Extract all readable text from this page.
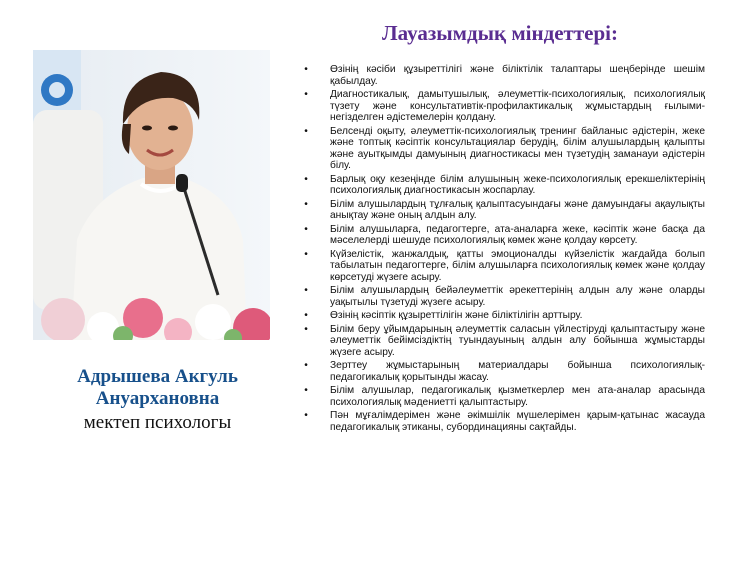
Адрышева Акгуль
Ануархановна
мектеп психологы
Лауазымдық міндеттері:
•	Өзінің кәсіби құзыреттілігі және біліктілік талаптары шеңберінде шешім қабылдау.
•	Диагностикалық, дамытушылық, әлеуметтік-психологиялық, психологиялық түзету және консультативтік-профилактикалық жұмыстардың ғылыми-негізделген әдістемелерін қолдану.
•	Белсенді оқыту, әлеуметтік-психологиялық тренинг байланыс әдістерін, жеке және топтық кәсіптік консультациялар берудің, білім алушылардың қалыпты және ауытқымды дамуының диагностикасы мен түзетудің заманауи әдістерін білу.
•	Барлық оқу кезеңінде білім алушының жеке-психологиялық ерекшеліктерінің психологиялық диагностикасын жоспарлау.
•	Білім алушылардың тұлғалық қалыптасуындағы және дамуындағы ақаулықты анықтау және оның алдын алу.
•	Білім алушыларға, педагогтерге, ата-аналарға жеке, кәсіптік және басқа да мәселелерді шешуде психологиялық көмек және қолдау көрсету.
•	Күйзелістік, жанжалдық, қатты эмоционалды күйзелістік жағдайда болып табылатын педагогтерге, білім алушыларға психологиялық көмек және қолдау көрсетуді жүзеге асыру.
•	Білім алушылардың бейәлеуметтік әрекеттерінің алдын алу және оларды уақытылы түзетуді жүзеге асыру.
•	Өзінің кәсіптік құзыреттілігін және біліктілігін арттыру.
•	Білім беру ұйымдарының әлеуметтік саласын үйлестіруді қалыптастыру және әлеуметтік бейімсіздіктің туындауының алдын алу бойынша жұмыстарды жүзеге асыру.
•	Зерттеу жұмыстарының материалдары бойынша психологиялық-педагогикалық қорытынды жасау.
•	Білім алушылар, педагогикалық қызметкерлер мен ата-аналар арасында психологиялық мәдениетті қалыптастыру.
•	Пән мұғалімдерімен және әкімшілік мүшелерімен қарым-қатынас жасауда педагогикалық этиканы, субординацияны сақтайды.
